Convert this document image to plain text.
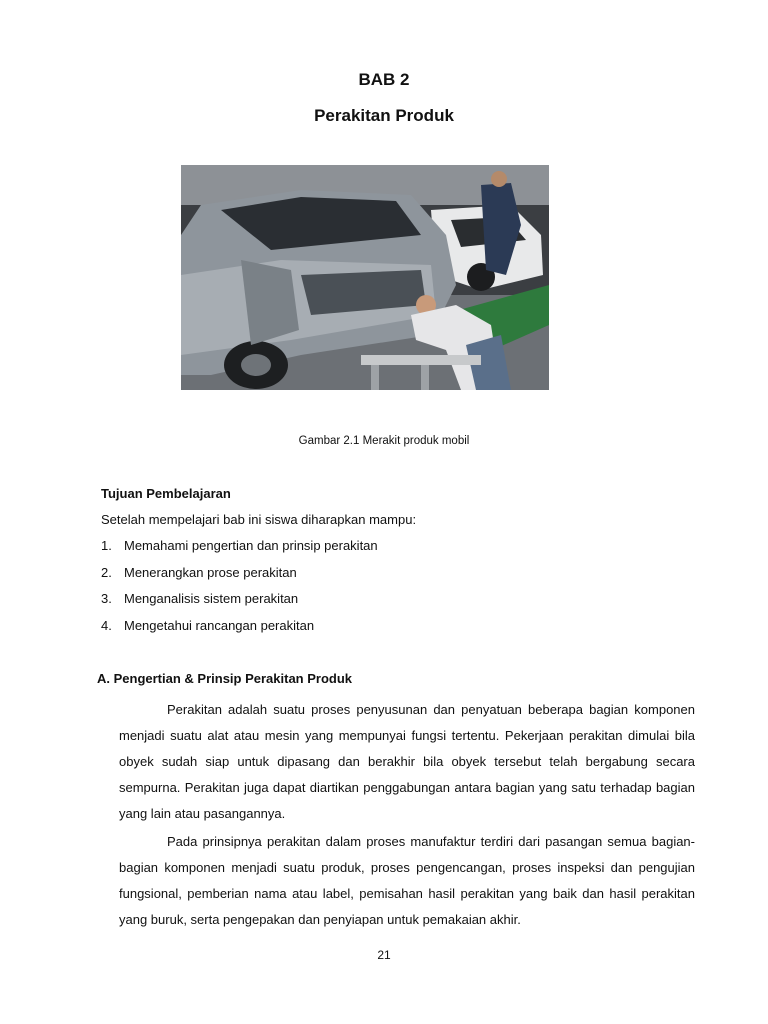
BAB 2
Perakitan Produk
Gambar 2.1 Merakit produk mobil
Tujuan Pembelajaran
Setelah mempelajari bab ini siswa diharapkan mampu:
1. Memahami pengertian dan prinsip perakitan
2. Menerangkan prose perakitan
3. Menganalisis sistem perakitan
4. Mengetahui rancangan perakitan
A. Pengertian & Prinsip Perakitan Produk

Perakitan adalah suatu proses penyusunan dan penyatuan beberapa bagian komponen menjadi suatu alat atau mesin yang mempunyai fungsi tertentu. Pekerjaan perakitan dimulai bila obyek sudah siap untuk dipasang dan berakhir bila obyek tersebut telah bergabung secara sempurna. Perakitan juga dapat diartikan penggabungan antara bagian yang satu terhadap bagian yang lain atau pasangannya.

Pada prinsipnya perakitan dalam proses manufaktur terdiri dari pasangan semua bagian-bagian komponen menjadi suatu produk, proses pengencangan, proses inspeksi dan pengujian fungsional, pemberian nama atau label, pemisahan hasil perakitan yang baik dan hasil perakitan yang buruk, serta pengepakan dan penyiapan untuk pemakaian akhir.

21
